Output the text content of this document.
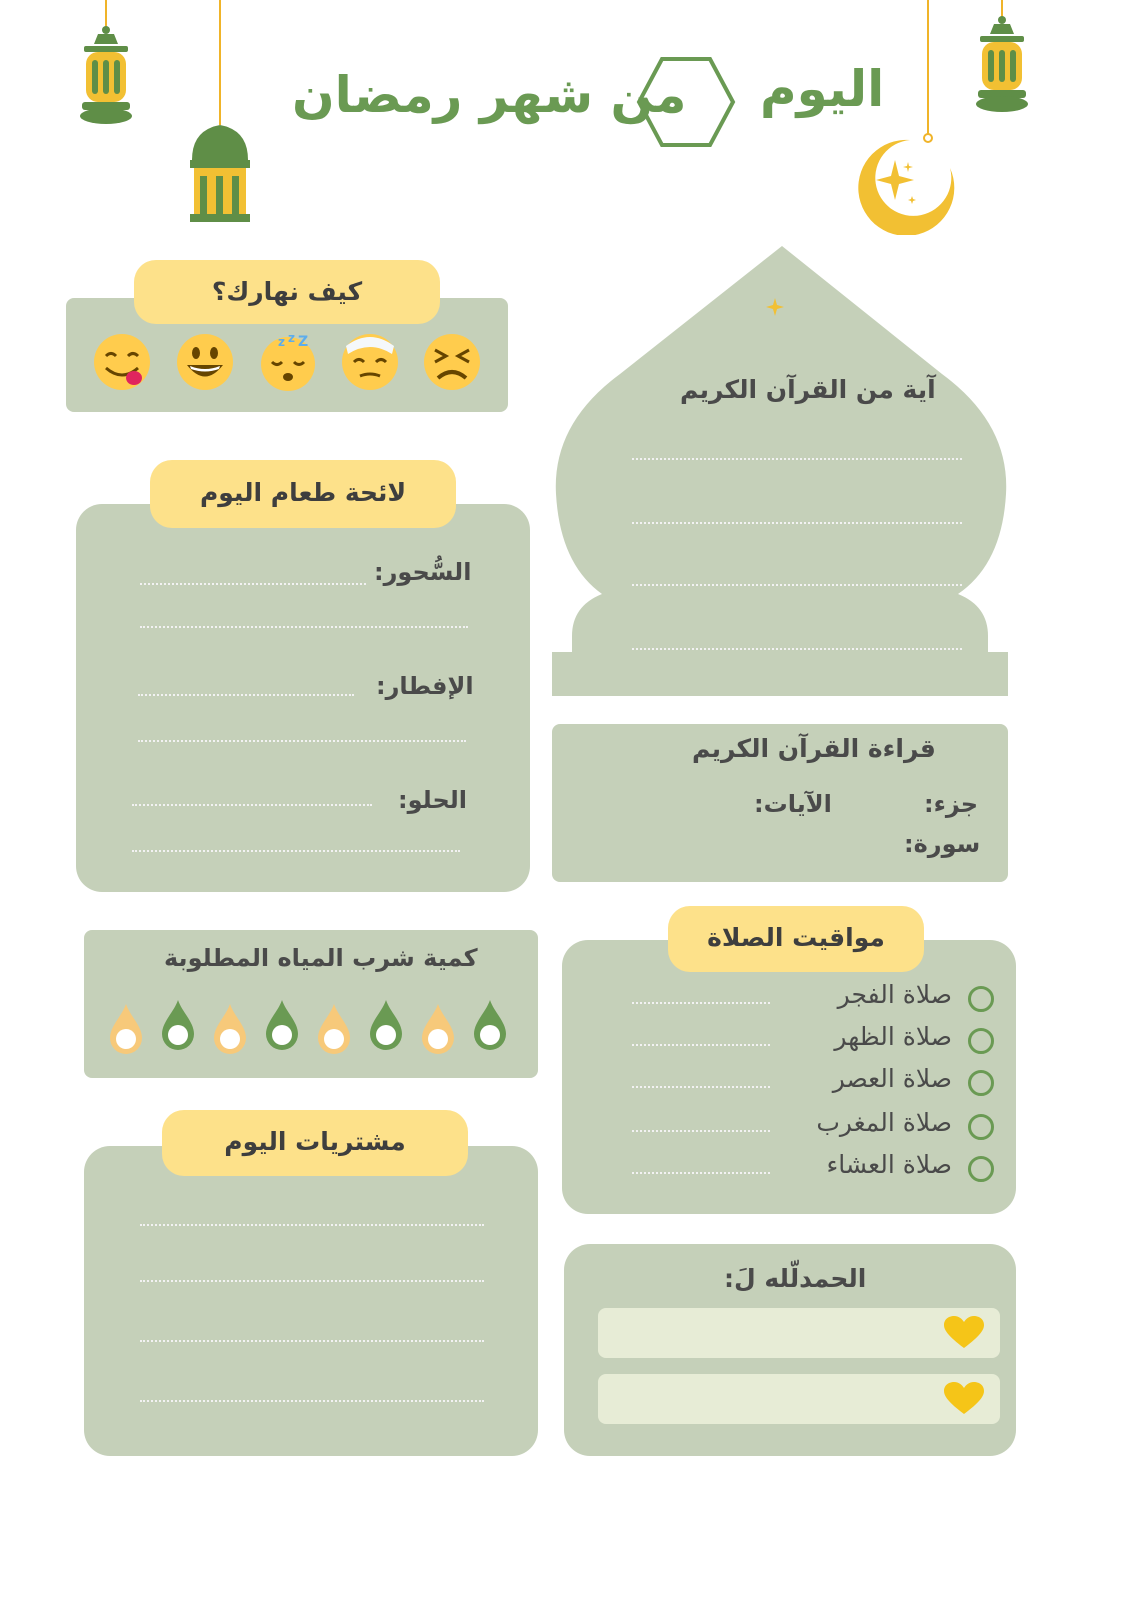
اليوم
من شهر رمضان
كيف نهارك؟
z z Z
آية من القرآن الكريم
لائحة طعام اليوم
السُّحور:
الإفطار:
الحلو:
قراءة القرآن الكريم
جزء:
الآيات:
سورة:
كمية شرب المياه المطلوبة
مواقيت الصلاة
صلاة الفجر
صلاة الظهر
صلاة العصر
صلاة المغرب
صلاة العشاء
مشتريات اليوم
الحمدلّله لَ:
